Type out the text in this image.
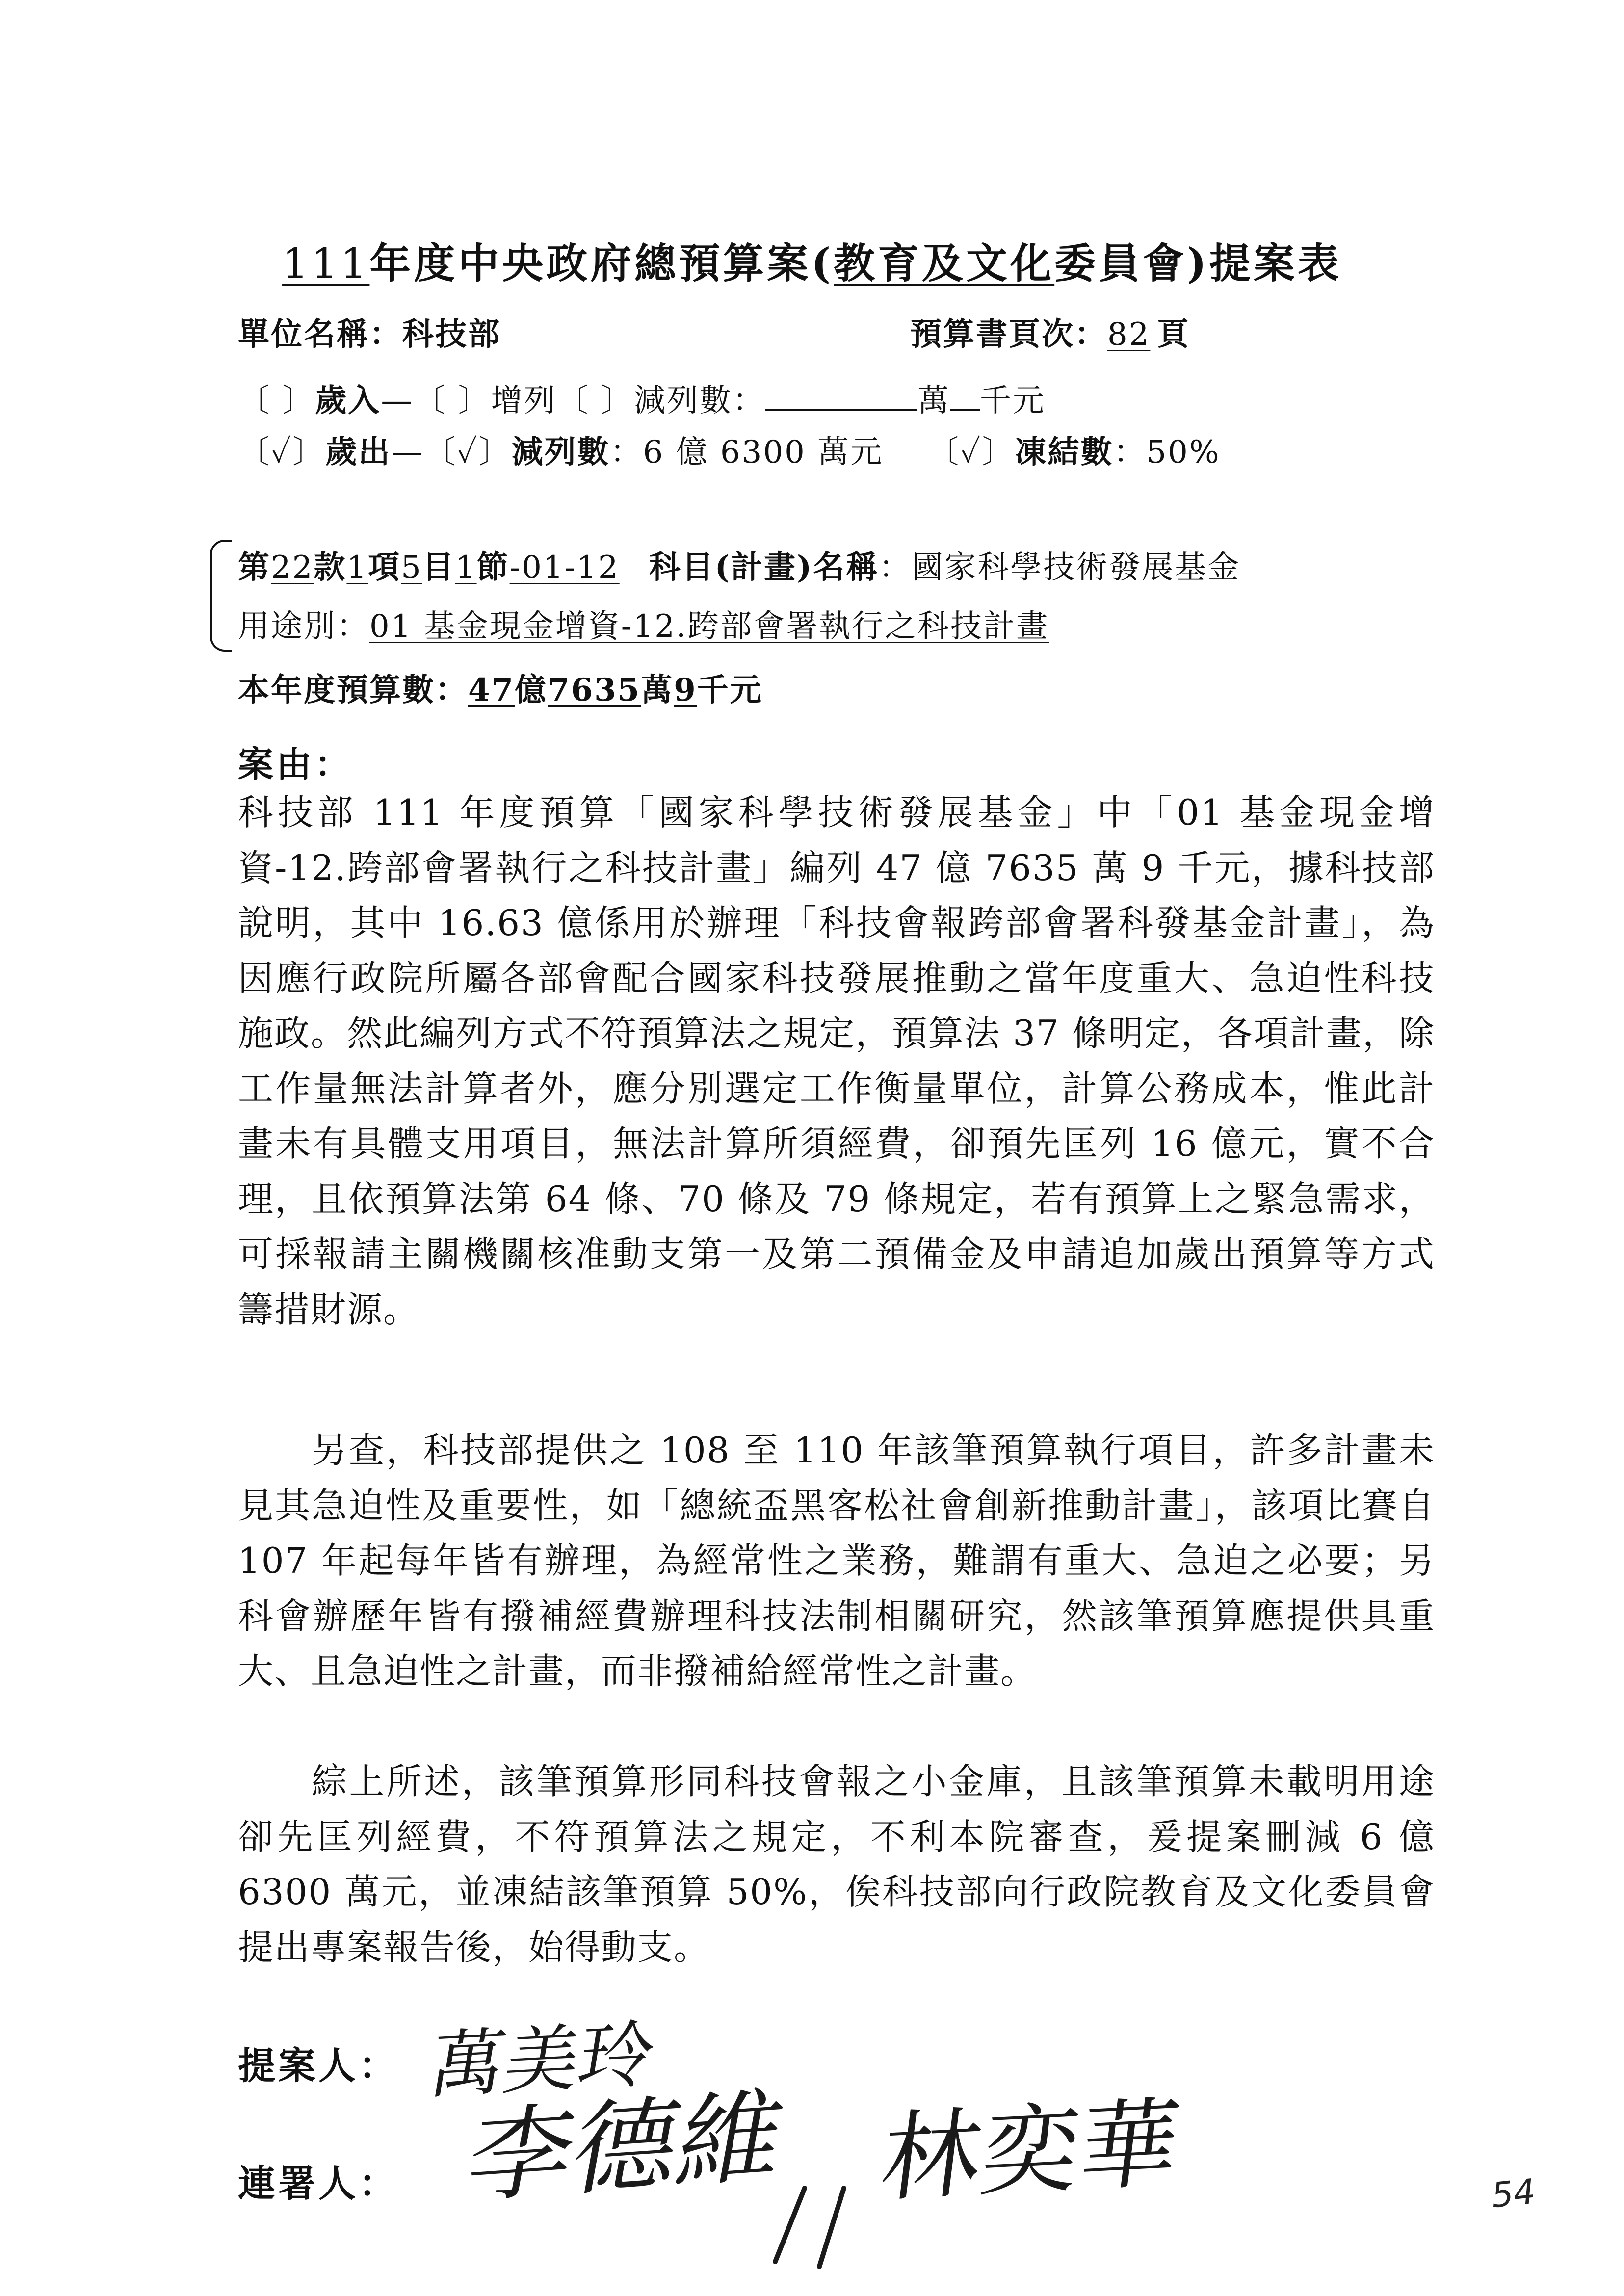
111年度中央政府總預算案(教育及文化委員會)提案表
單位名稱：科技部	預算書頁次：82 頁
〔 〕歲入—〔 〕增列〔 〕減列數：	萬 千元
〔✓〕歲出—〔✓〕減列數：6 億 6300 萬元 〔✓〕凍結數：50%
第22款1項5目1節-01-12 科目(計畫)名稱：國家科學技術發展基金
用途別：01 基金現金增資-12.跨部會署執行之科技計畫
本年度預算數：47億7635萬9千元
案由：
科技部 111 年度預算「國家科學技術發展基金」中「01 基金現金增資-12.跨部會署執行之科技計畫」編列 47 億 7635 萬 9 千元，據科技部說明，其中 16.63 億係用於辦理「科技會報跨部會署科發基金計畫」，為因應行政院所屬各部會配合國家科技發展推動之當年度重大、急迫性科技施政。然此編列方式不符預算法之規定，預算法 37 條明定，各項計畫，除工作量無法計算者外，應分別選定工作衡量單位，計算公務成本，惟此計畫未有具體支用項目，無法計算所須經費，卻預先匡列 16 億元，實不合理，且依預算法第 64 條、70 條及 79 條規定，若有預算上之緊急需求，可採報請主關機關核准動支第一及第二預備金及申請追加歲出預算等方式籌措財源。
另查，科技部提供之 108 至 110 年該筆預算執行項目，許多計畫未見其急迫性及重要性，如「總統盃黑客松社會創新推動計畫」，該項比賽自 107 年起每年皆有辦理，為經常性之業務，難謂有重大、急迫之必要；另科會辦歷年皆有撥補經費辦理科技法制相關研究，然該筆預算應提供具重大、且急迫性之計畫，而非撥補給經常性之計畫。
綜上所述，該筆預算形同科技會報之小金庫，且該筆預算未載明用途卻先匡列經費，不符預算法之規定，不利本院審查，爰提案刪減 6 億 6300 萬元，並凍結該筆預算 50%，俟科技部向行政院教育及文化委員會提出專案報告後，始得動支。
提案人： 萬美玲
連署人： 李德維 林奕華	54
